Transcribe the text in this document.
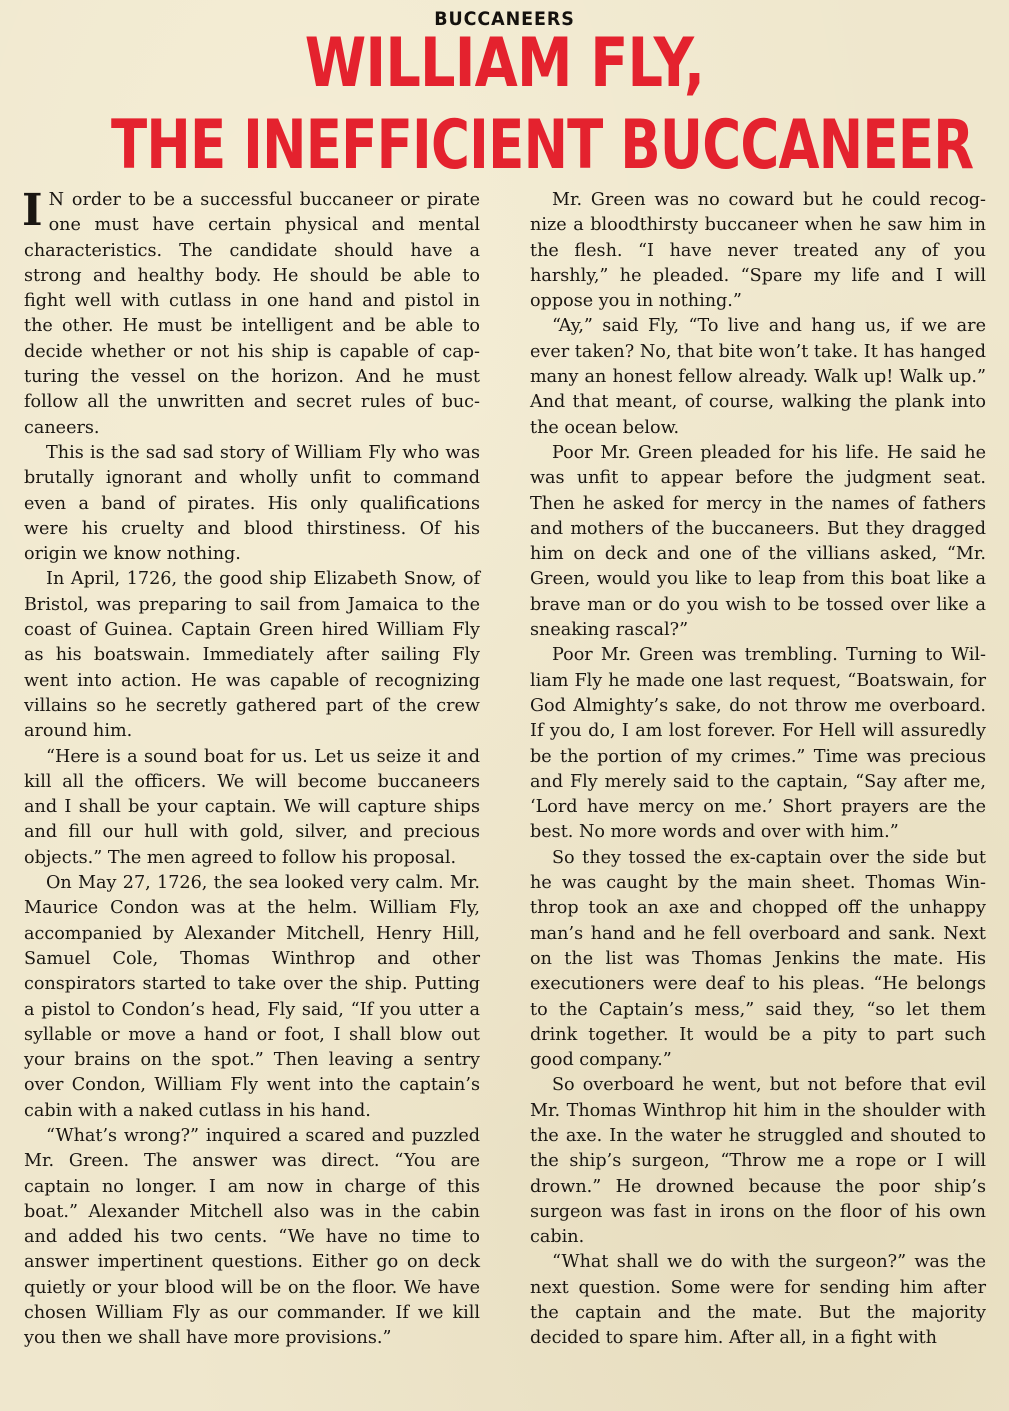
BUCCANEERS
WILLIAM FLY,
THE INEFFICIENT BUCCANEER

I N order to be a successful buccaneer or pirate one must have certain physical and mental characteristics. The candidate should have a strong and healthy body. He should be able to fight well with cutlass in one hand and pistol in the other. He must be intelligent and be able to decide whether or not his ship is capable of capturing the vessel on the horizon. And he must follow all the unwritten and secret rules of buccaneers.

This is the sad sad story of William Fly who was brutally ignorant and wholly unfit to command even a band of pirates. His only qualifications were his cruelty and blood thirstiness. Of his origin we know nothing.

In April, 1726, the good ship Elizabeth Snow, of Bristol, was preparing to sail from Jamaica to the coast of Guinea. Captain Green hired William Fly as his boatswain. Immediately after sailing Fly went into action. He was capable of recognizing villains so he secretly gathered part of the crew around him.

“Here is a sound boat for us. Let us seize it and kill all the officers. We will become buccaneers and I shall be your captain. We will capture ships and fill our hull with gold, silver, and precious objects.” The men agreed to follow his proposal.

On May 27, 1726, the sea looked very calm. Mr. Maurice Condon was at the helm. William Fly, accompanied by Alexander Mitchell, Henry Hill, Samuel Cole, Thomas Winthrop and other conspirators started to take over the ship. Putting a pistol to Condon’s head, Fly said, “If you utter a syllable or move a hand or foot, I shall blow out your brains on the spot.” Then leaving a sentry over Condon, William Fly went into the captain’s cabin with a naked cutlass in his hand.

“What’s wrong?” inquired a scared and puzzled Mr. Green. The answer was direct. “You are captain no longer. I am now in charge of this boat.” Alexander Mitchell also was in the cabin and added his two cents. “We have no time to answer impertinent questions. Either go on deck quietly or your blood will be on the floor. We have chosen William Fly as our commander. If we kill you then we shall have more provisions.”

Mr. Green was no coward but he could recognize a bloodthirsty buccaneer when he saw him in the flesh. “I have never treated any of you harshly,” he pleaded. “Spare my life and I will oppose you in nothing.”

“Ay,” said Fly, “To live and hang us, if we are ever taken? No, that bite won’t take. It has hanged many an honest fellow already. Walk up! Walk up.” And that meant, of course, walking the plank into the ocean below.

Poor Mr. Green pleaded for his life. He said he was unfit to appear before the judgment seat. Then he asked for mercy in the names of fathers and mothers of the buccaneers. But they dragged him on deck and one of the villians asked, “Mr. Green, would you like to leap from this boat like a brave man or do you wish to be tossed over like a sneaking rascal?”

Poor Mr. Green was trembling. Turning to William Fly he made one last request, “Boatswain, for God Almighty’s sake, do not throw me overboard. If you do, I am lost forever. For Hell will assuredly be the portion of my crimes.” Time was precious and Fly merely said to the captain, “Say after me, ‘Lord have mercy on me.’ Short prayers are the best. No more words and over with him.”

So they tossed the ex-captain over the side but he was caught by the main sheet. Thomas Winthrop took an axe and chopped off the unhappy man’s hand and he fell overboard and sank. Next on the list was Thomas Jenkins the mate. His executioners were deaf to his pleas. “He belongs to the Captain’s mess,” said they, “so let them drink together. It would be a pity to part such good company.”

So overboard he went, but not before that evil Mr. Thomas Winthrop hit him in the shoulder with the axe. In the water he struggled and shouted to the ship’s surgeon, “Throw me a rope or I will drown.” He drowned because the poor ship’s surgeon was fast in irons on the floor of his own cabin.

“What shall we do with the surgeon?” was the next question. Some were for sending him after the captain and the mate. But the majority decided to spare him. After all, in a fight with
